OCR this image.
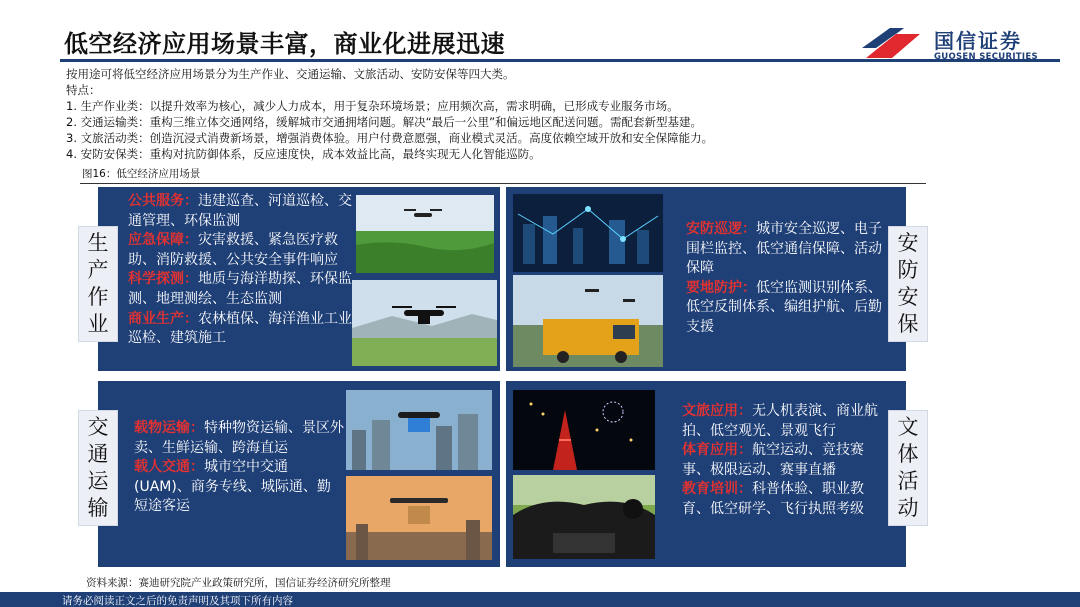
低空经济应用场景丰富，商业化进展迅速	国信证券
GUOSEN SECURITIES
按用途可将低空经济应用场景分为生产作业、交通运输、文旅活动、安防安保等四大类。
特点：
1. 生产作业类：以提升效率为核心，减少人力成本，用于复杂环境场景；应用频次高，需求明确，已形成专业服务市场。
2. 交通运输类：重构三维立体交通网络，缓解城市交通拥堵问题。解决“最后一公里”和偏远地区配送问题。需配套新型基建。
3. 文旅活动类：创造沉浸式消费新场景，增强消费体验。用户付费意愿强，商业模式灵活。高度依赖空域开放和安全保障能力。
4. 安防安保类：重构对抗防御体系，反应速度快，成本效益比高，最终实现无人化智能巡防。
图16：低空经济应用场景
生产作业
安防安保
交通运输
文体活动
公共服务：违建巡查、河道巡检、交通管理、环保监测
应急保障：灾害救援、紧急医疗救助、消防救援、公共安全事件响应
科学探测：地质与海洋勘探、环保监测、地理测绘、生态监测
商业生产：农林植保、海洋渔业工业巡检、建筑施工
安防巡逻：城市安全巡逻、电子围栏监控、低空通信保障、活动保障
要地防护：低空监测识别体系、低空反制体系、编组护航、后勤支援
载物运输：特种物资运输、景区外卖、生鲜运输、跨海直运
载人交通：城市空中交通(UAM)、商务专线、城际通、勤短途客运
文旅应用：无人机表演、商业航拍、低空观光、景观飞行
体育应用：航空运动、竞技赛事、极限运动、赛事直播
教育培训：科普体验、职业教育、低空研学、飞行执照考级
资料来源：赛迪研究院产业政策研究所，国信证券经济研究所整理
请务必阅读正文之后的免责声明及其项下所有内容
